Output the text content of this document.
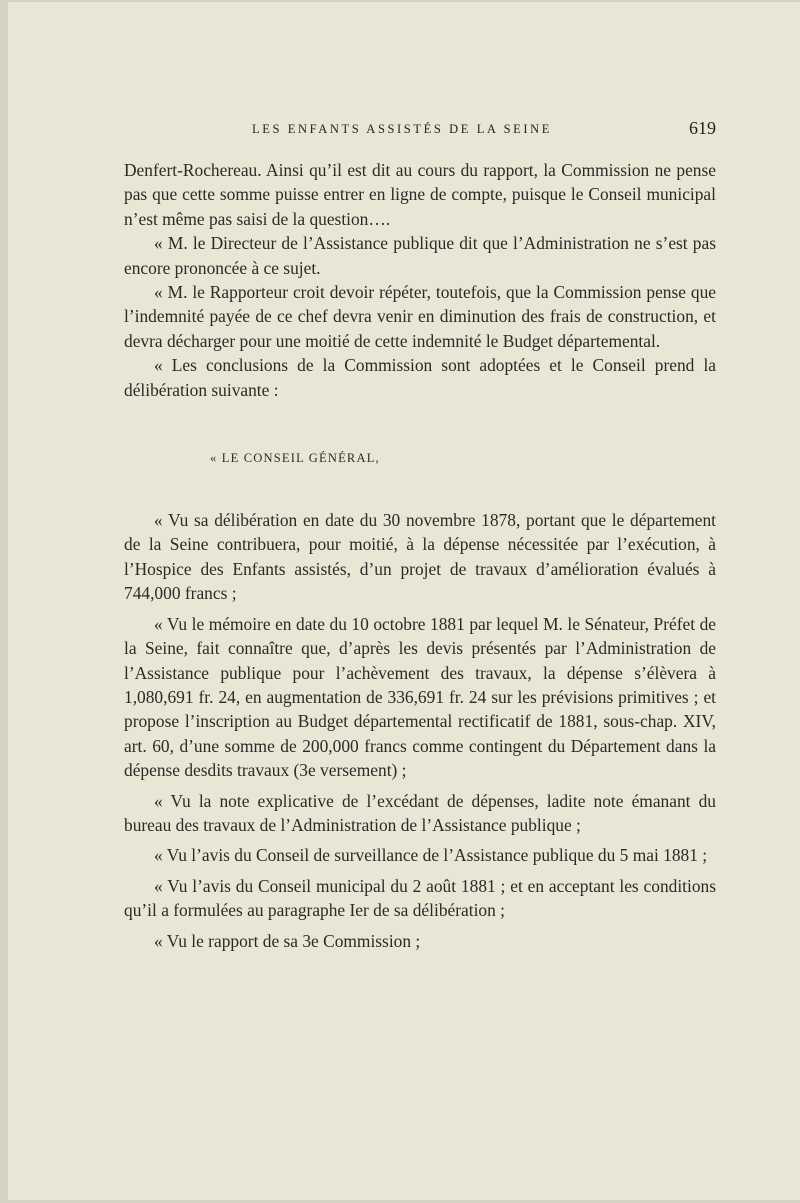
LES ENFANTS ASSISTÉS DE LA SEINE	619

Denfert-Rochereau. Ainsi qu’il est dit au cours du rapport, la Commission ne pense pas que cette somme puisse entrer en ligne de compte, puisque le Conseil municipal n’est même pas saisi de la question….

« M. le Directeur de l’Assistance publique dit que l’Administration ne s’est pas encore prononcée à ce sujet.

« M. le Rapporteur croit devoir répéter, toutefois, que la Commission pense que l’indemnité payée de ce chef devra venir en diminution des frais de construction, et devra décharger pour une moitié de cette indemnité le Budget départemental.

« Les conclusions de la Commission sont adoptées et le Conseil prend la délibération suivante :

« LE CONSEIL GÉNÉRAL,

« Vu sa délibération en date du 30 novembre 1878, portant que le département de la Seine contribuera, pour moitié, à la dépense nécessitée par l’exécution, à l’Hospice des Enfants assistés, d’un projet de travaux d’amélioration évalués à 744,000 francs ;

« Vu le mémoire en date du 10 octobre 1881 par lequel M. le Sénateur, Préfet de la Seine, fait connaître que, d’après les devis présentés par l’Administration de l’Assistance publique pour l’achèvement des travaux, la dépense s’élèvera à 1,080,691 fr. 24, en augmentation de 336,691 fr. 24 sur les prévisions primitives ; et propose l’inscription au Budget départemental rectificatif de 1881, sous-chap. XIV, art. 60, d’une somme de 200,000 francs comme contingent du Département dans la dépense desdits travaux (3e versement) ;

« Vu la note explicative de l’excédant de dépenses, ladite note émanant du bureau des travaux de l’Administration de l’Assistance publique ;

« Vu l’avis du Conseil de surveillance de l’Assistance publique du 5 mai 1881 ;

« Vu l’avis du Conseil municipal du 2 août 1881 ; et en acceptant les conditions qu’il a formulées au paragraphe Ier de sa délibération ;

« Vu le rapport de sa 3e Commission ;
